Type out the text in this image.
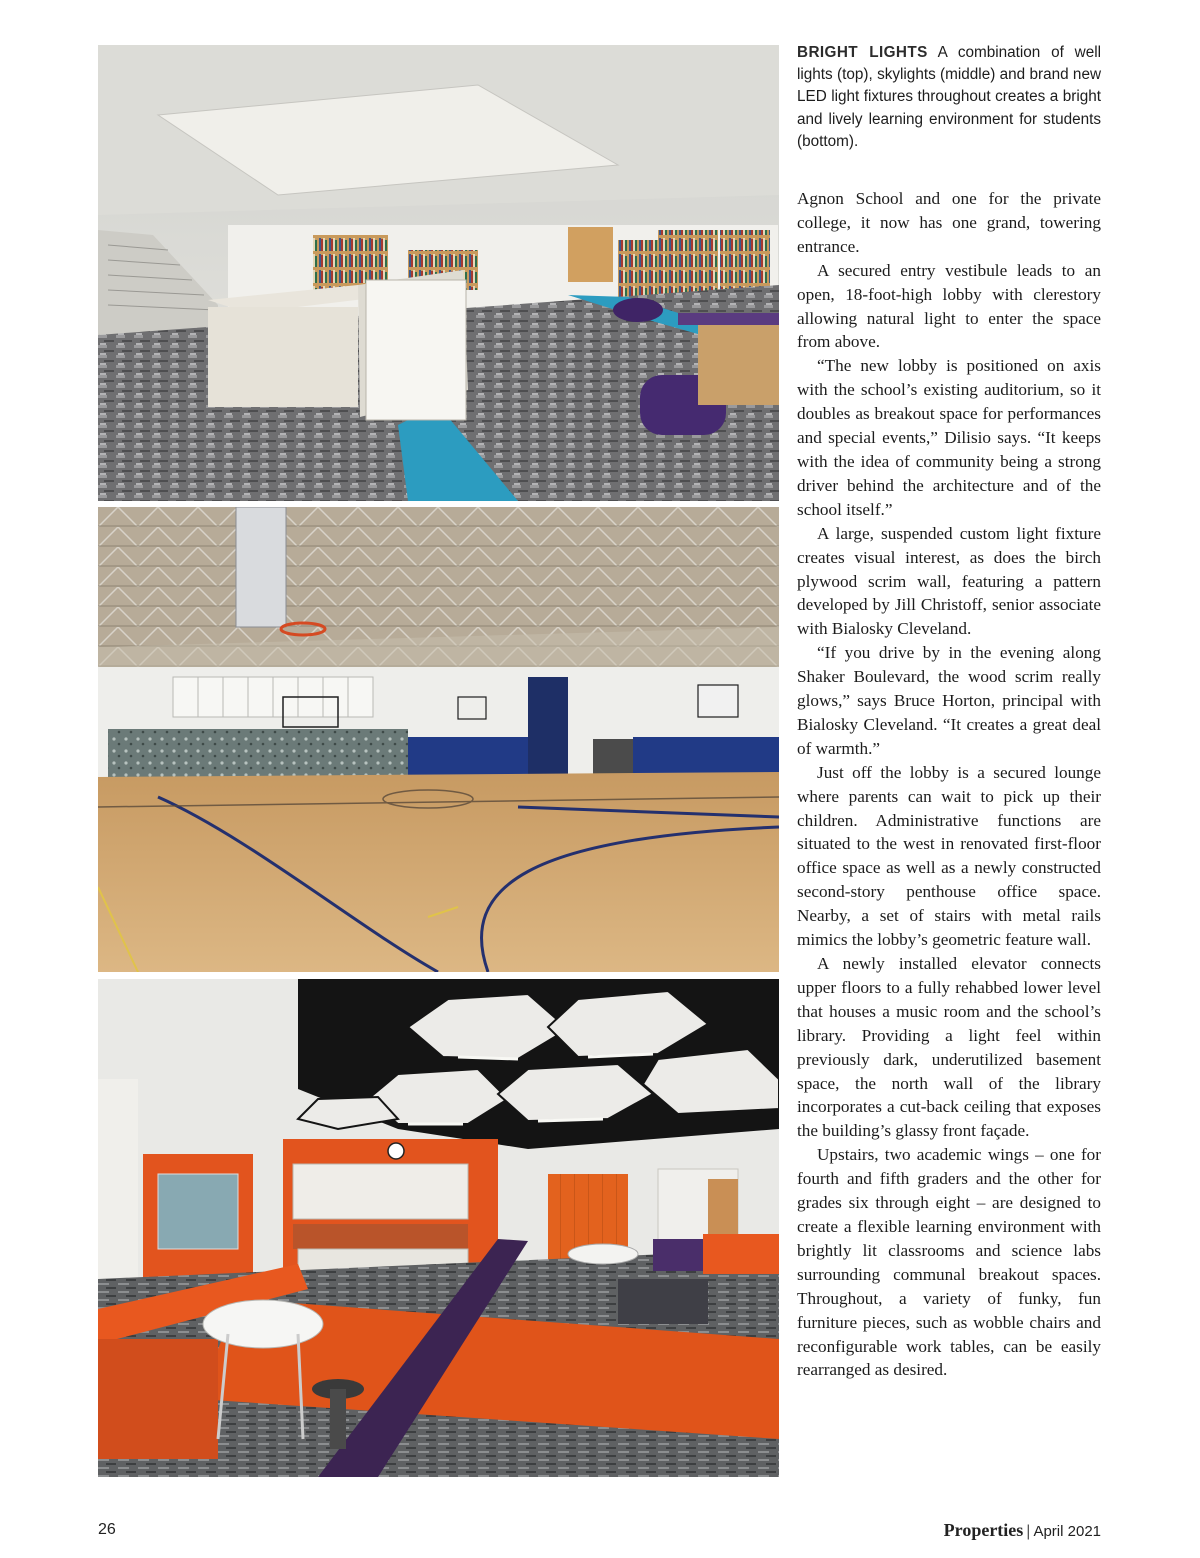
BRIGHT LIGHTS A combination of well lights (top), skylights (middle) and brand new LED light fixtures throughout creates a bright and lively learning environment for students (bottom).

Agnon School and one for the private college, it now has one grand, towering entrance.

A secured entry vestibule leads to an open, 18-foot-high lobby with clerestory allowing natural light to enter the space from above.

“The new lobby is positioned on axis with the school’s existing auditorium, so it doubles as breakout space for performances and special events,” Dilisio says. “It keeps with the idea of community being a strong driver behind the architecture and of the school itself.”

A large, suspended custom light fixture creates visual interest, as does the birch plywood scrim wall, featuring a pattern developed by Jill Christoff, senior associate with Bialosky Cleveland.

“If you drive by in the evening along Shaker Boulevard, the wood scrim really glows,” says Bruce Horton, principal with Bialosky Cleveland. “It creates a great deal of warmth.”

Just off the lobby is a secured lounge where parents can wait to pick up their children. Administrative functions are situated to the west in renovated first-floor office space as well as a newly constructed second-story penthouse office space. Nearby, a set of stairs with metal rails mimics the lobby’s geometric feature wall.

A newly installed elevator connects upper floors to a fully rehabbed lower level that houses a music room and the school’s library. Providing a light feel within previously dark, underutilized basement space, the north wall of the library incorporates a cut-back ceiling that exposes the building’s glassy front façade.

Upstairs, two academic wings – one for fourth and fifth graders and the other for grades six through eight – are designed to create a flexible learning environment with brightly lit classrooms and science labs surrounding communal breakout spaces. Throughout, a variety of funky, fun furniture pieces, such as wobble chairs and reconfigurable work tables, can be easily rearranged as desired.

26	Properties | April 2021
